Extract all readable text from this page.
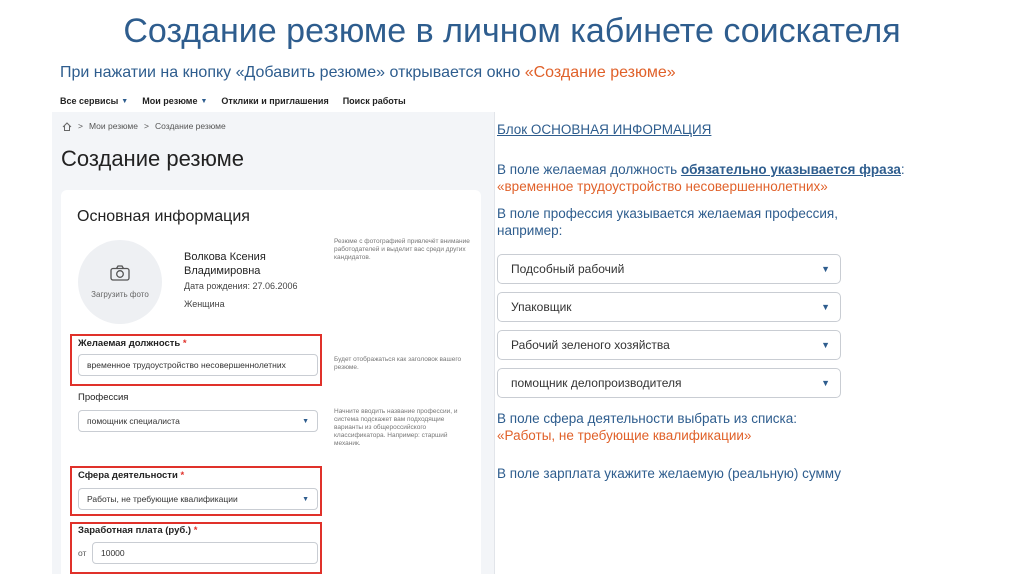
Создание резюме в личном кабинете соискателя
При нажатии на кнопку «Добавить резюме» открывается окно «Создание резюме»
Все сервисы ▼ Мои резюме ▼ Отклики и приглашения Поиск работы
> Мои резюме > Создание резюме
Создание резюме
Основная информация
Загрузить фото
Волкова Ксения Владимировна
Дата рождения: 27.06.2006
Женщина
Резюме с фотографией привлечёт внимание работодателей и выделит вас среди других кандидатов.
Желаемая должность *
временное трудоустройство несовершеннолетних
Будет отображаться как заголовок вашего резюме.
Профессия
помощник специалиста	▼
Начните вводить название профессии, и система подскажет вам подходящие варианты из общероссийского классификатора. Например: старший механик.
Сфера деятельности *
Работы, не требующие квалификации	▼
Заработная плата (руб.) *
от 10000
Блок ОСНОВНАЯ ИНФОРМАЦИЯ
В поле желаемая должность обязательно указывается фраза:
«временное трудоустройство несовершеннолетних»
В поле профессия указывается желаемая профессия, например:
Подсобный рабочий	▼
Упаковщик	▼
Рабочий зеленого хозяйства	▼
помощник делопроизводителя	▼
В поле сфера деятельности выбрать из списка:
«Работы, не требующие квалификации»
В поле зарплата укажите желаемую (реальную) сумму
